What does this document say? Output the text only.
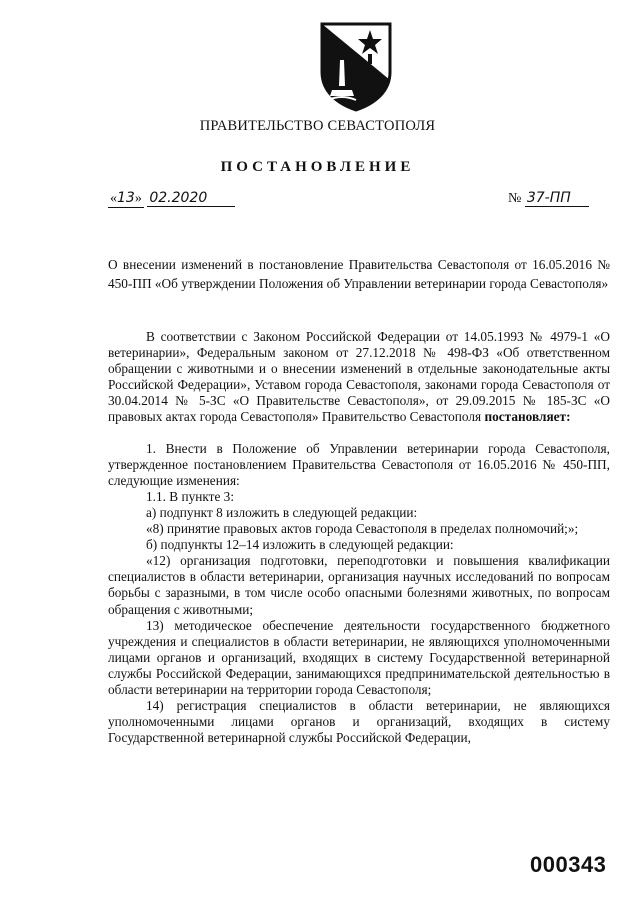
ПРАВИТЕЛЬСТВО СЕВАСТОПОЛЯ
ПОСТАНОВЛЕНИЕ
«13» 02.2020	№ 37-ПП
О внесении изменений в постановление Правительства Севастополя от 16.05.2016 № 450-ПП «Об утверждении Положения об Управлении ветеринарии города Севастополя»

В соответствии с Законом Российской Федерации от 14.05.1993 № 4979-1 «О ветеринарии», Федеральным законом от 27.12.2018 № 498-ФЗ «Об ответственном обращении с животными и о внесении изменений в отдельные законодательные акты Российской Федерации», Уставом города Севастополя, законами города Севастополя от 30.04.2014 № 5-ЗС «О Правительстве Севастополя», от 29.09.2015 № 185-ЗС «О правовых актах города Севастополя» Правительство Севастополя постановляет:

1. Внести в Положение об Управлении ветеринарии города Севастополя, утвержденное постановлением Правительства Севастополя от 16.05.2016 № 450-ПП, следующие изменения:

1.1. В пункте 3:

а) подпункт 8 изложить в следующей редакции:

«8) принятие правовых актов города Севастополя в пределах полномочий;»;

б) подпункты 12–14 изложить в следующей редакции:

«12) организация подготовки, переподготовки и повышения квалификации специалистов в области ветеринарии, организация научных исследований по вопросам борьбы с заразными, в том числе особо опасными болезнями животных, по вопросам обращения с животными;

13) методическое обеспечение деятельности государственного бюджетного учреждения и специалистов в области ветеринарии, не являющихся уполномоченными лицами органов и организаций, входящих в систему Государственной ветеринарной службы Российской Федерации, занимающихся предпринимательской деятельностью в области ветеринарии на территории города Севастополя;

14) регистрация специалистов в области ветеринарии, не являющихся уполномоченными лицами органов и организаций, входящих в систему Государственной ветеринарной службы Российской Федерации,

000343
